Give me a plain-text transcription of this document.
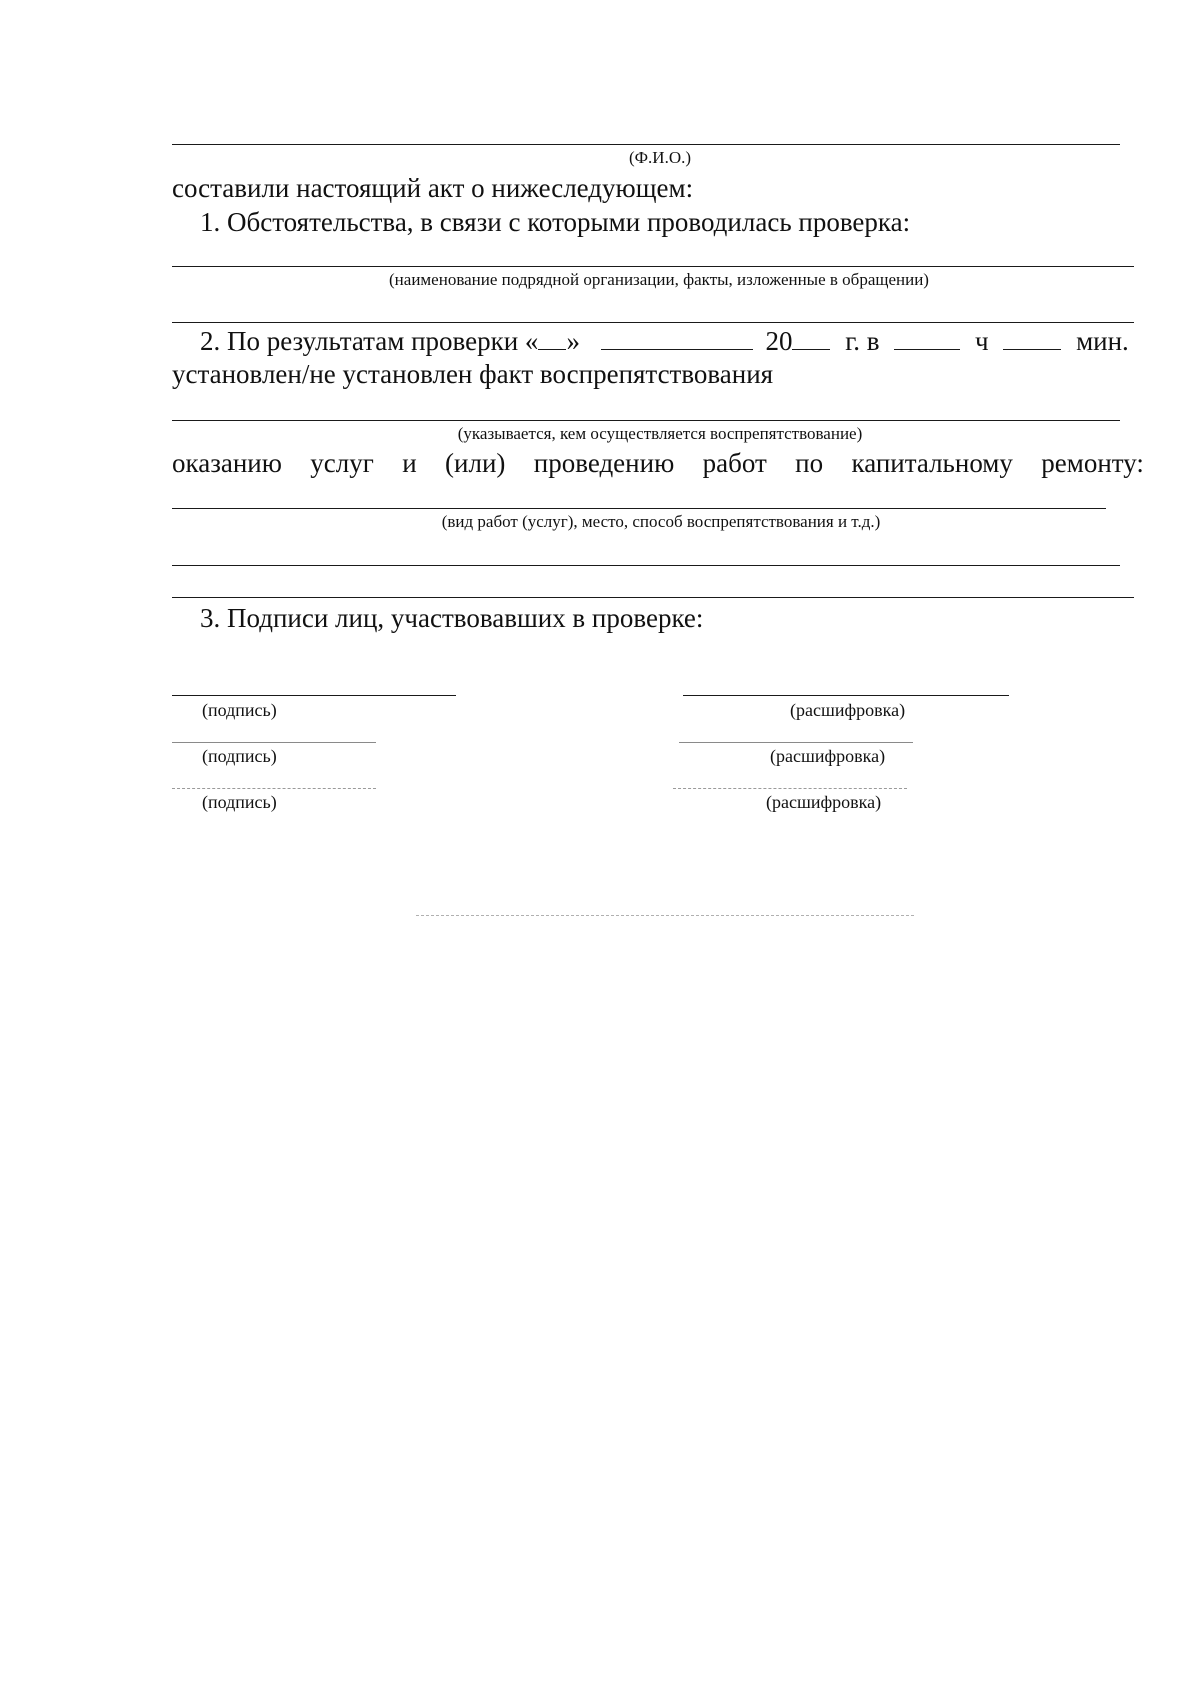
(Ф.И.О.)
составили настоящий акт о нижеследующем:
1. Обстоятельства, в связи с которыми проводилась проверка:
(наименование подрядной организации, факты, изложенные в обращении)
2. По результатам проверки « »	20 г. в	ч	мин.
установлен/не установлен факт воспрепятствования
(указывается, кем осуществляется воспрепятствование)
оказанию услуг и (или) проведению работ по капитальному ремонту:
(вид работ (услуг), место, способ воспрепятствования и т.д.)
3. Подписи лиц, участвовавших в проверке:
(подпись)	(расшифровка)
(подпись)	(расшифровка)
(подпись)	(расшифровка)
